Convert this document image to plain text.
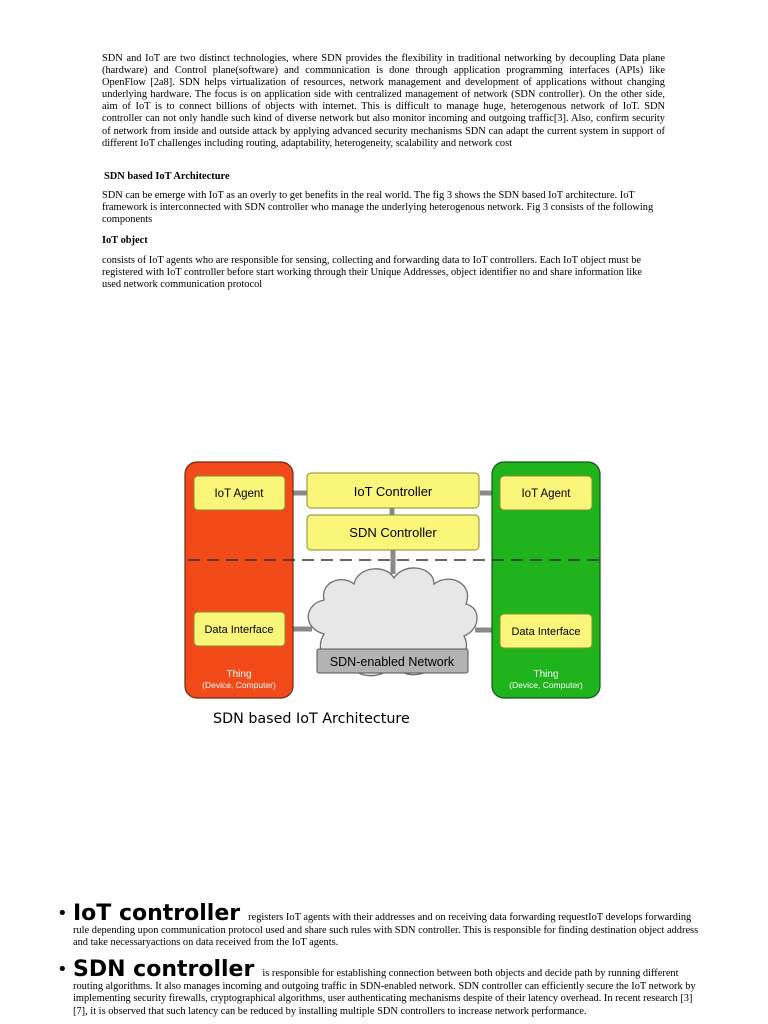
SDN and IoT are two distinct technologies, where SDN provides the flexibility in traditional networking by decoupling Data plane (hardware) and Control plane(software) and communication is done through application programming interfaces (APIs) like OpenFlow [2a8]. SDN helps virtualization of resources, network management and development of applications without changing underlying hardware. The focus is on application side with centralized management of network (SDN controller). On the other side, aim of IoT is to connect billions of objects with internet. This is difficult to manage huge, heterogenous network of IoT. SDN controller can not only handle such kind of diverse network but also monitor incoming and outgoing traffic[3]. Also, confirm security of network from inside and outside attack by applying advanced security mechanisms SDN can adapt the current system in support of different IoT challenges including routing, adaptability, heterogeneity, scalability and network cost

SDN based IoT Architecture

SDN can be emerge with IoT as an overly to get benefits in the real world. The fig 3 shows the SDN based IoT architecture. IoT framework is interconnected with SDN controller who manage the underlying heterogenous network. Fig 3 consists of the following components

IoT object

consists of IoT agents who are responsible for sensing, collecting and forwarding data to IoT controllers. Each IoT object must be registered with IoT controller before start working through their Unique Addresses, object identifier no and share information like used network communication protocol

IoT Controller
SDN Controller
IoT Agent	IoT Agent
SDN-enabled Network
Data Interface	Data Interface
Thing
(Device, Computer)
Thing
(Device, Computer)

SDN based IoT Architecture

• IoT controller registers IoT agents with their addresses and on receiving data forwarding requestIoT develops forwarding rule depending upon communication protocol used and share such rules with SDN controller. This is responsible for finding destination object address and take necessaryactions on data received from the IoT agents.
• SDN controller is responsible for establishing connection between both objects and decide path by running different routing algorithms. It also manages incoming and outgoing traffic in SDN-enabled network. SDN controller can efficiently secure the IoT network by implementing security firewalls, cryptographical algorithms, user authenticating mechanisms despite of their latency overhead. In recent research [3][7], it is observed that such latency can be reduced by installing multiple SDN controllers to increase network performance.
